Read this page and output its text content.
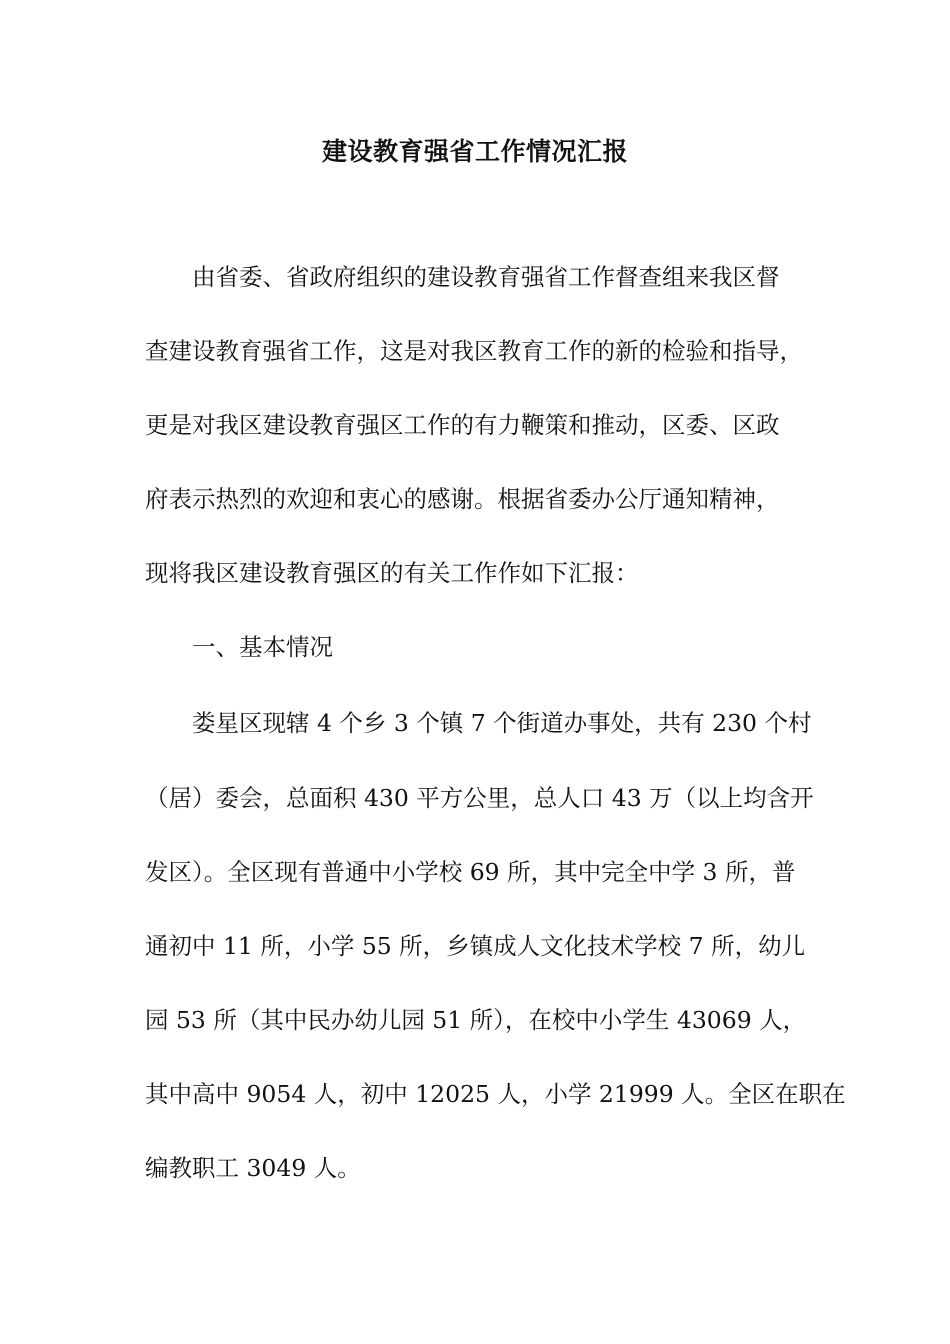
建设教育强省工作情况汇报
由省委、省政府组织的建设教育强省工作督查组来我区督
查建设教育强省工作，这是对我区教育工作的新的检验和指导，
更是对我区建设教育强区工作的有力鞭策和推动，区委、区政
府表示热烈的欢迎和衷心的感谢。根据省委办公厅通知精神，
现将我区建设教育强区的有关工作作如下汇报：
一、基本情况
娄星区现辖 4 个乡 3 个镇 7 个街道办事处，共有 230 个村
（居）委会，总面积 430 平方公里，总人口 43 万（以上均含开
发区）。全区现有普通中小学校 69 所，其中完全中学 3 所，普
通初中 11 所，小学 55 所，乡镇成人文化技术学校 7 所，幼儿
园 53 所（其中民办幼儿园 51 所），在校中小学生 43069 人，
其中高中 9054 人，初中 12025 人，小学 21999 人。全区在职在
编教职工 3049 人。
